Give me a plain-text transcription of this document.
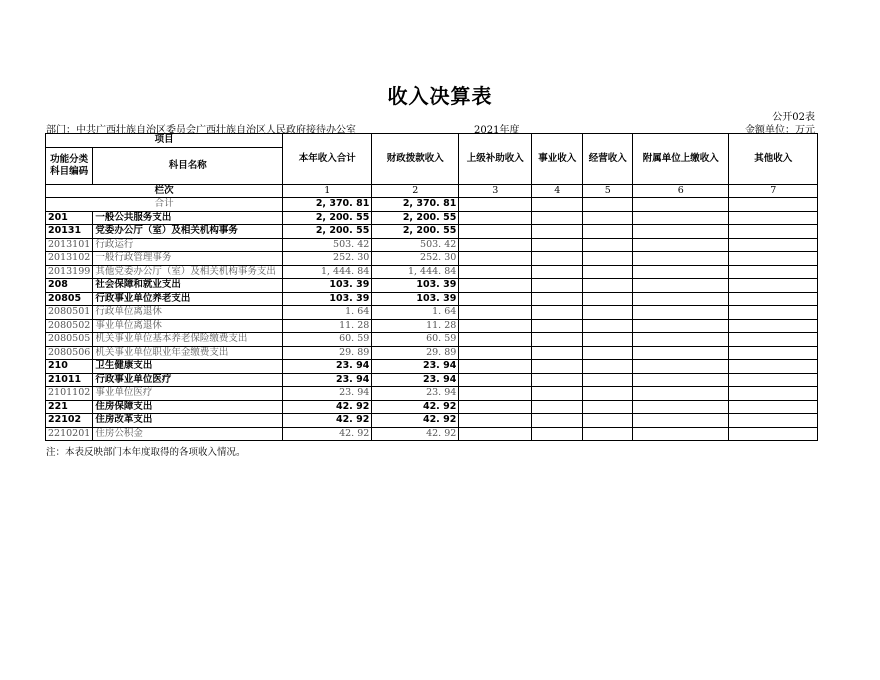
收入决算表
公开02表
部门：中共广西壮族自治区委员会广西壮族自治区人民政府接待办公室	2021年度	金额单位：万元
项目		本年收入合计	财政拨款收入	上级补助收入	事业收入	经营收入	附属单位上缴收入	其他收入

功能分类
科目编码	科目名称							
栏次		1	2	3	4	5	6	7
合计		2, 370. 81	2, 370. 81					
201	一般公共服务支出	2, 200. 55	2, 200. 55					
20131	党委办公厅（室）及相关机构事务	2, 200. 55	2, 200. 55					
2013101	行政运行	503. 42	503. 42					
2013102	一般行政管理事务	252. 30	252. 30					
2013199	其他党委办公厅（室）及相关机构事务支出	1, 444. 84	1, 444. 84					
208	社会保障和就业支出	103. 39	103. 39					
20805	行政事业单位养老支出	103. 39	103. 39					
2080501	行政单位离退休	1. 64	1. 64					
2080502	事业单位离退休	11. 28	11. 28					
2080505	机关事业单位基本养老保险缴费支出	60. 59	60. 59					
2080506	机关事业单位职业年金缴费支出	29. 89	29. 89					
210	卫生健康支出	23. 94	23. 94					
21011	行政事业单位医疗	23. 94	23. 94					
2101102	事业单位医疗	23. 94	23. 94					
221	住房保障支出	42. 92	42. 92					
22102	住房改革支出	42. 92	42. 92					
2210201	住房公积金	42. 92	42. 92					
注：本表反映部门本年度取得的各项收入情况。
